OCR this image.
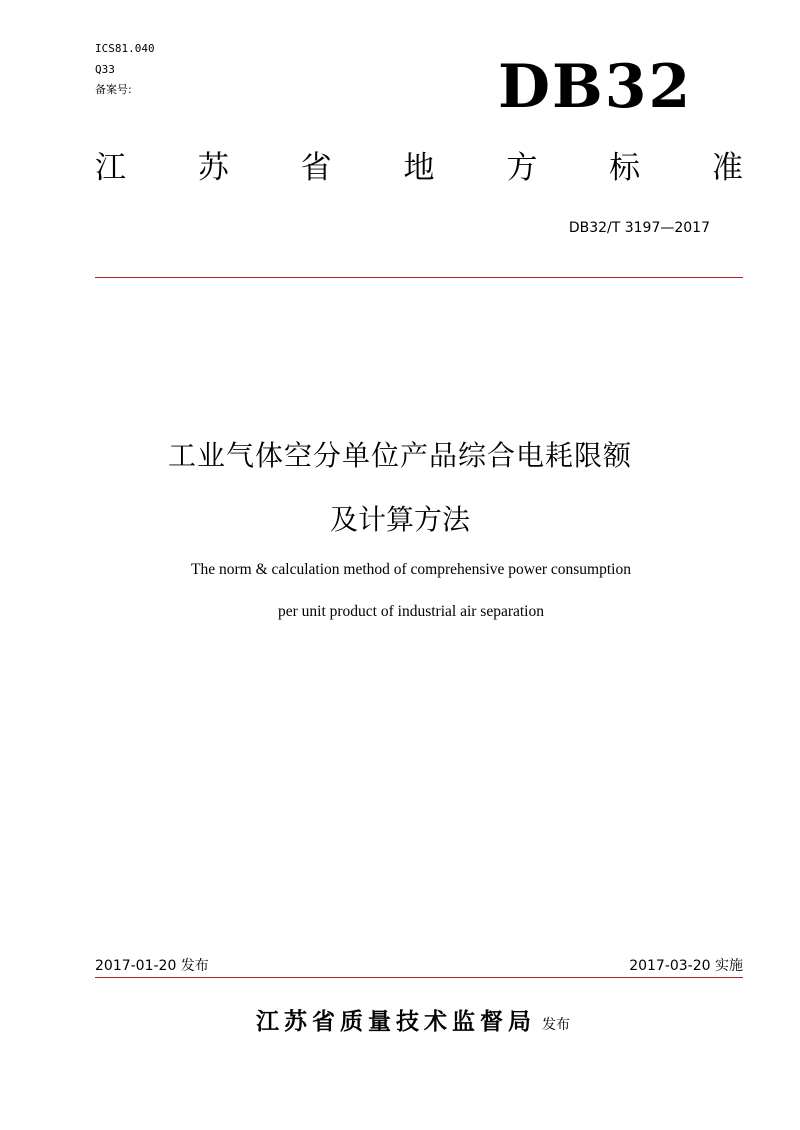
ICS81.040
Q33
备案号:	DB32
江 苏 省 地 方 标 准
DB32/T 3197—2017
工业气体空分单位产品综合电耗限额
及计算方法
The norm & calculation method of comprehensive power consumption
per unit product of industrial air separation
2017-01-20 发布	2017-03-20 实施
江苏省质量技术监督局 发布
